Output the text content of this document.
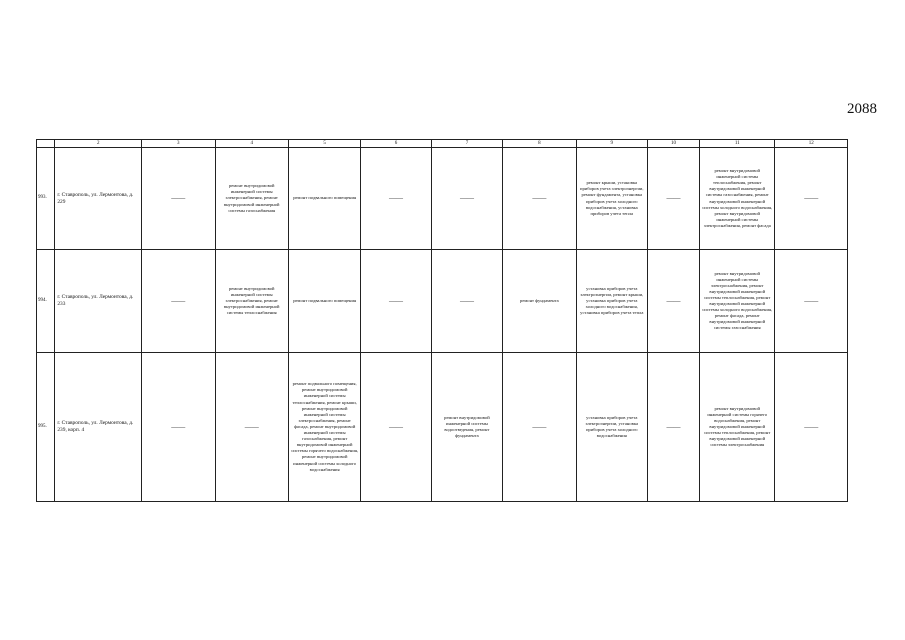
2088
	2	3	4	5	6	7	8	9	10	11	12
993.	г. Ставрополь, ул. Лермонтова, д. 229	——	ремонт внутридомовой инженерной системы электроснабжения, ремонт внутридомовой инженерной системы газоснабжения	ремонт подвального помещения	——	——	——	ремонт крыши, установка приборов учета электроэнергии, ремонт фундамента, установка приборов учета холодного водоснабжения, установка приборов учета тепла	——	ремонт внутридомовой инженерной системы теплоснабжения, ремонт внутридомовой инженерной системы газоснабжения, ремонт внутридомовой инженерной системы холодного водоснабжения, ремонт внутридомовой инженерной системы электроснабжения, ремонт фасада	——
994.	г. Ставрополь, ул. Лермонтова, д. 233	——	ремонт внутридомовой инженерной системы электроснабжения, ремонт внутридомовой инженерной системы теплоснабжения	ремонт подвального помещения	——	——	ремонт фундамента	установка приборов учета электроэнергии, ремонт крыши, установка приборов учета холодного водоснабжения, установка приборов учета тепла	——	ремонт внутридомовой инженерной системы электроснабжения, ремонт внутридомовой инженерной системы теплоснабжения, ремонт внутридомовой инженерной системы холодного водоснабжения, ремонт фасада, ремонт внутридомовой инженерной системы газоснабжения	——
995.	г. Ставрополь, ул. Лермонтова, д. 239, корп. 4	——	——	ремонт подвального помещения, ремонт внутридомовой инженерной системы теплоснабжения, ремонт крыши, ремонт внутридомовой инженерной системы электроснабжения, ремонт фасада, ремонт внутридомовой инженерной системы газоснабжения, ремонт внутридомовой инженерной системы горячего водоснабжения, ремонт внутридомовой инженерной системы холодного водоснабжения	——	ремонт внутридомовой инженерной системы водоотведения, ремонт фундамента	——	установка приборов учета электроэнергии, установка приборов учета холодного водоснабжения	——	ремонт внутридомовой инженерной системы горячего водоснабжения, ремонт внутридомовой инженерной системы теплоснабжения, ремонт внутридомовой инженерной системы электроснабжения	——
